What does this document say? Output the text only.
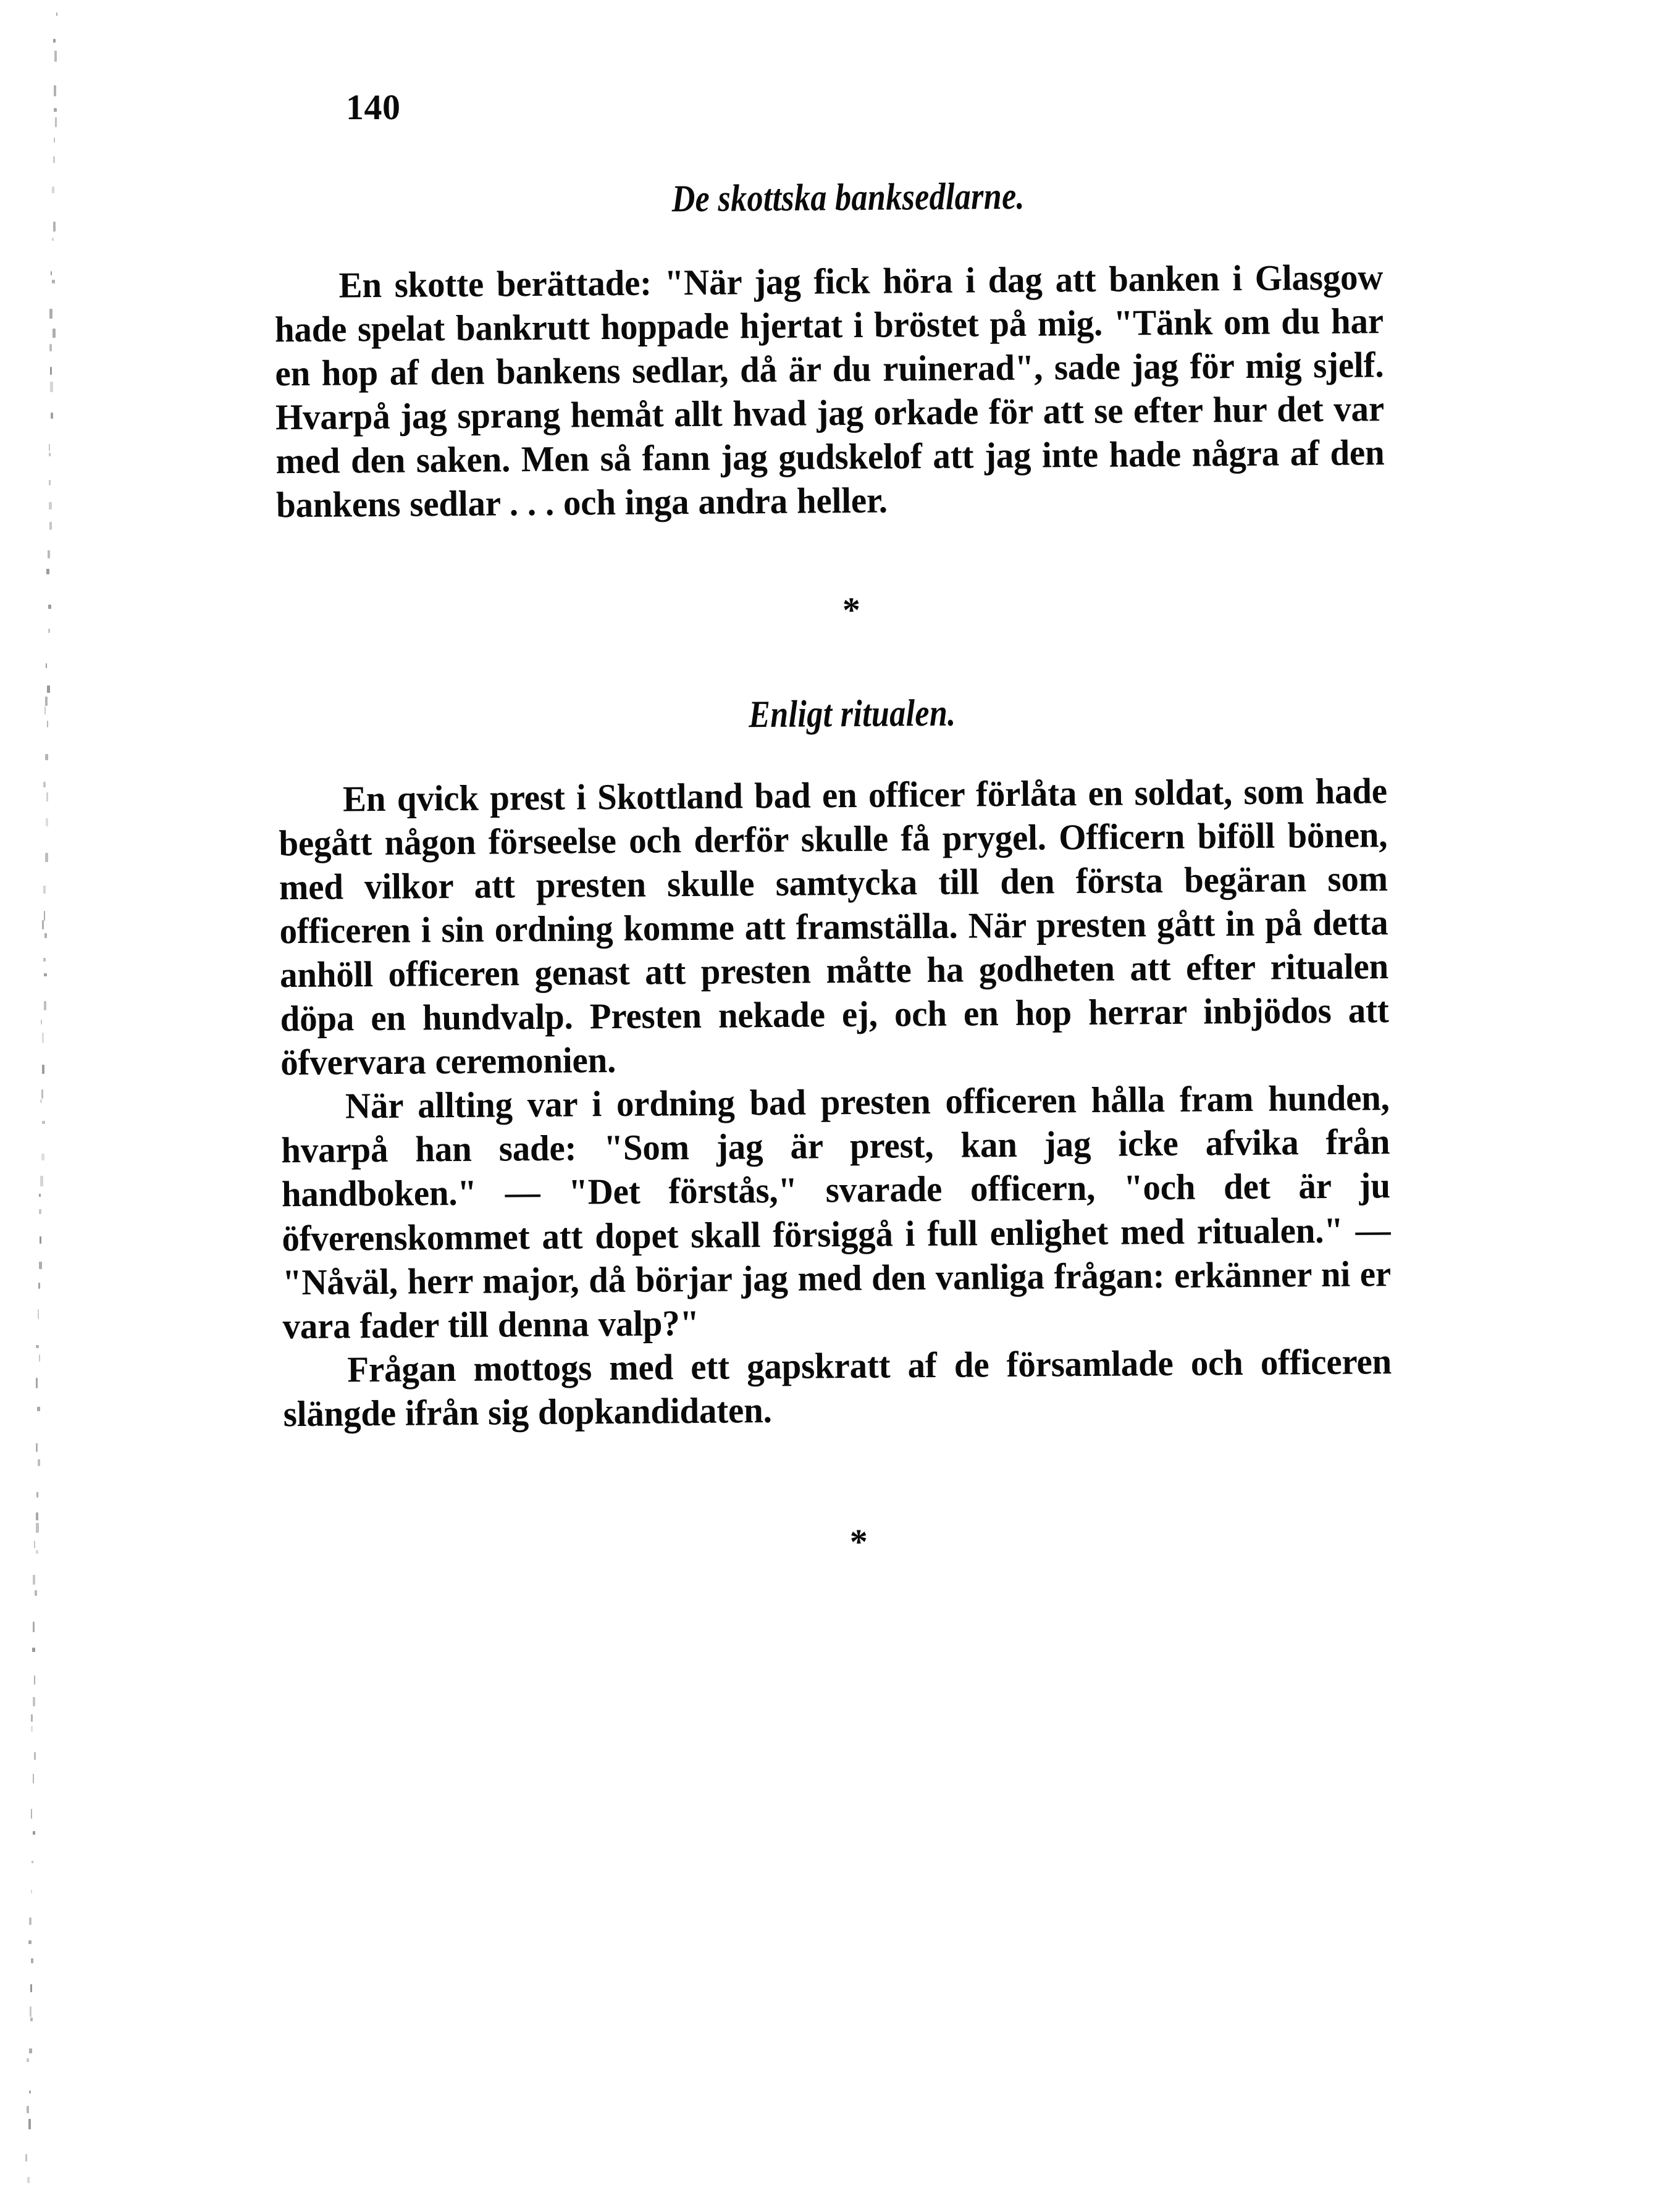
140
De skottska banksedlarne.

En skotte berättade: "När jag fick höra i dag att banken i Glasgow hade spelat bankrutt hoppade hjertat i bröstet på mig. "Tänk om du har en hop af den bankens sedlar, då är du ruinerad", sade jag för mig sjelf. Hvarpå jag sprang hemåt allt hvad jag orkade för att se efter hur det var med den saken. Men så fann jag gudskelof att jag inte hade några af den bankens sedlar . . . och inga andra heller.

*
Enligt ritualen.

En qvick prest i Skottland bad en officer förlåta en soldat, som hade begått någon förseelse och derför skulle få prygel. Officern biföll bönen, med vilkor att presten skulle samtycka till den första begäran som officeren i sin ordning komme att framställa. När presten gått in på detta anhöll officeren genast att presten måtte ha godheten att efter ritualen döpa en hundvalp. Presten nekade ej, och en hop herrar inbjödos att öfvervara ceremonien.

När allting var i ordning bad presten officeren hålla fram hunden, hvarpå han sade: "Som jag är prest, kan jag icke afvika från handboken." — "Det förstås," svarade officern, "och det är ju öfverenskommet att dopet skall försiggå i full enlighet med ritualen." — "Nåväl, herr major, då börjar jag med den vanliga frågan: erkänner ni er vara fader till denna valp?"

Frågan mottogs med ett gapskratt af de församlade och officeren slängde ifrån sig dopkandidaten.

*
